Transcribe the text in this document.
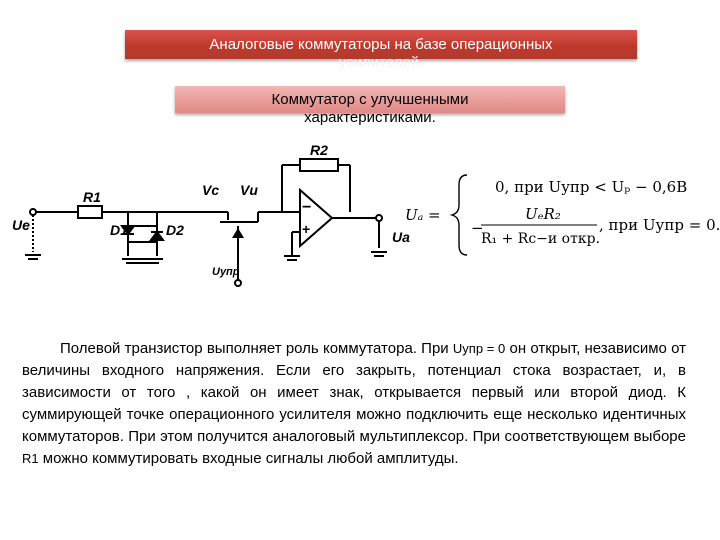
Аналоговые коммутаторы на базе операционных
усилителей.
Коммутатор с улучшенными
характеристиками.
−
+
Ue
R1
R2
D1	D2
Vc Vи
Uупр
Ua
Uₐ =
0, при Uупр < Uₚ − 0,6В
−
UₑR₂
R₁ + Rс−и откр.
, при Uупр = 0.

Полевой транзистор выполняет роль коммутатора. При Uупр = 0 он открыт, независимо от величины входного напряжения. Если его закрыть, потенциал стока возрастает, и, в зависимости от того , какой он имеет знак, открывается первый или второй диод. К суммирующей точке операционного усилителя можно подключить еще несколько идентичных коммутаторов. При этом получится аналоговый мультиплексор. При соответствующем выборе R1 можно коммутировать входные сигналы любой амплитуды.
